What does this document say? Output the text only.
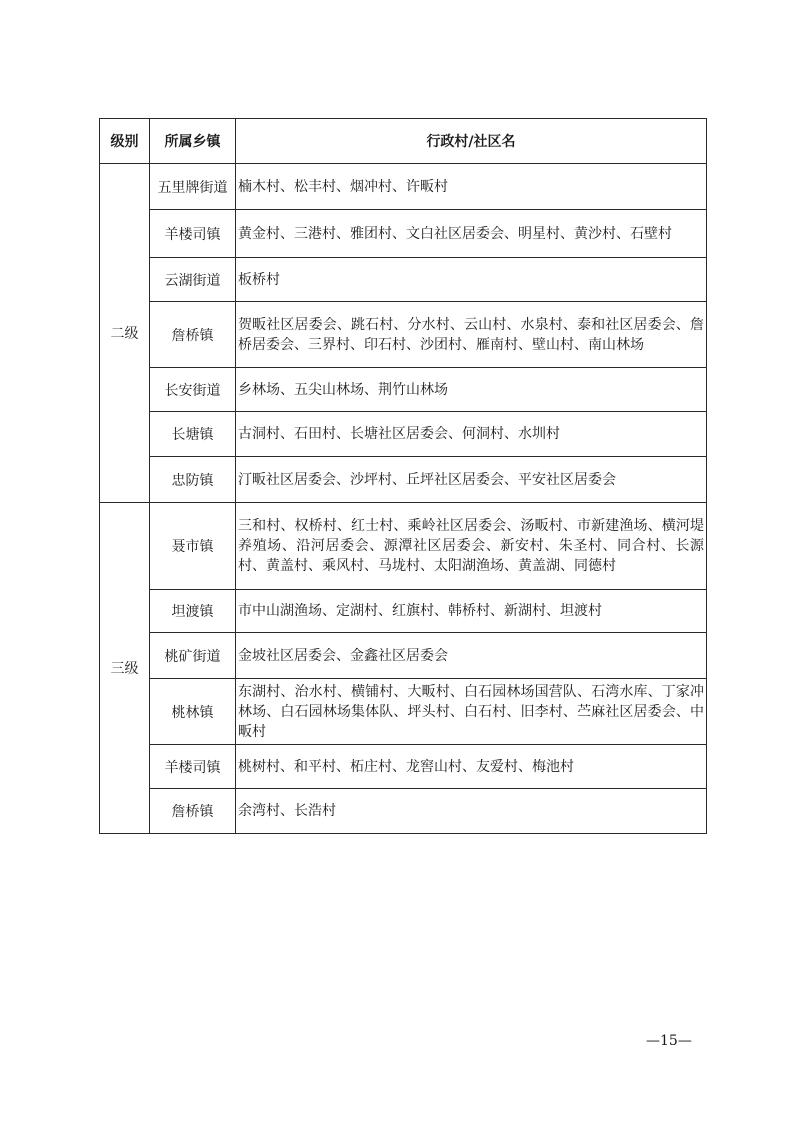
级别	所属乡镇	行政村/社区名
二级	五里牌街道	楠木村、松丰村、烟冲村、许畈村
	羊楼司镇	黄金村、三港村、雅团村、文白社区居委会、明星村、黄沙村、石壁村
	云湖街道	板桥村
	詹桥镇	贺畈社区居委会、跳石村、分水村、云山村、水泉村、泰和社区居委会、詹桥居委会、三界村、印石村、沙团村、雁南村、壁山村、南山林场
	长安街道	乡林场、五尖山林场、荆竹山林场
	长塘镇	古洞村、石田村、长塘社区居委会、何洞村、水圳村
	忠防镇	汀畈社区居委会、沙坪村、丘坪社区居委会、平安社区居委会
三级	聂市镇	三和村、权桥村、红士村、乘岭社区居委会、汤畈村、市新建渔场、横河堤养殖场、沿河居委会、源潭社区居委会、新安村、朱圣村、同合村、长源村、黄盖村、乘风村、马垅村、太阳湖渔场、黄盖湖、同德村
	坦渡镇	市中山湖渔场、定湖村、红旗村、韩桥村、新湖村、坦渡村
	桃矿街道	金坡社区居委会、金鑫社区居委会
	桃林镇	东湖村、治水村、横铺村、大畈村、白石园林场国营队、石湾水库、丁家冲林场、白石园林场集体队、坪头村、白石村、旧李村、苎麻社区居委会、中畈村
	羊楼司镇	桃树村、和平村、柘庄村、龙窖山村、友爱村、梅池村
	詹桥镇	余湾村、长浩村
—15—
